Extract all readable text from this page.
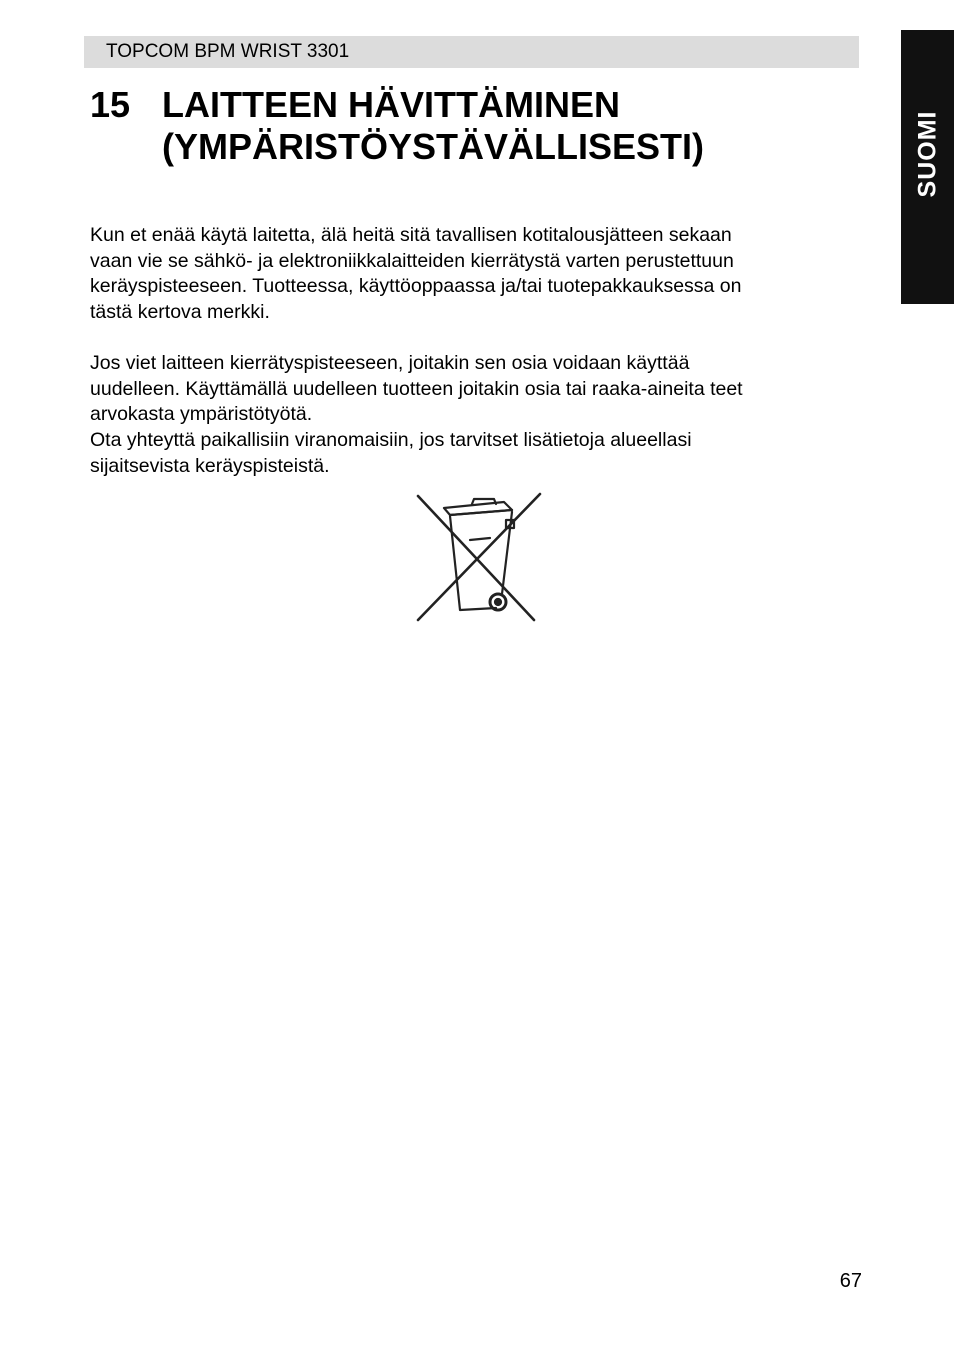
TOPCOM BPM WRIST 3301
SUOMI
15 LAITTEEN HÄVITTÄMINEN
(YMPÄRISTÖYSTÄVÄLLISESTI)

Kun et enää käytä laitetta, älä heitä sitä tavallisen kotitalousjätteen sekaan
vaan vie se sähkö- ja elektroniikkalaitteiden kierrätystä varten perustettuun
keräyspisteeseen. Tuotteessa, käyttöoppaassa ja/tai tuotepakkauksessa on
tästä kertova merkki.

Jos viet laitteen kierrätyspisteeseen, joitakin sen osia voidaan käyttää
uudelleen. Käyttämällä uudelleen tuotteen joitakin osia tai raaka-aineita teet
arvokasta ympäristötyötä.

Ota yhteyttä paikallisiin viranomaisiin, jos tarvitset lisätietoja alueellasi
sijaitsevista keräyspisteistä.

67
